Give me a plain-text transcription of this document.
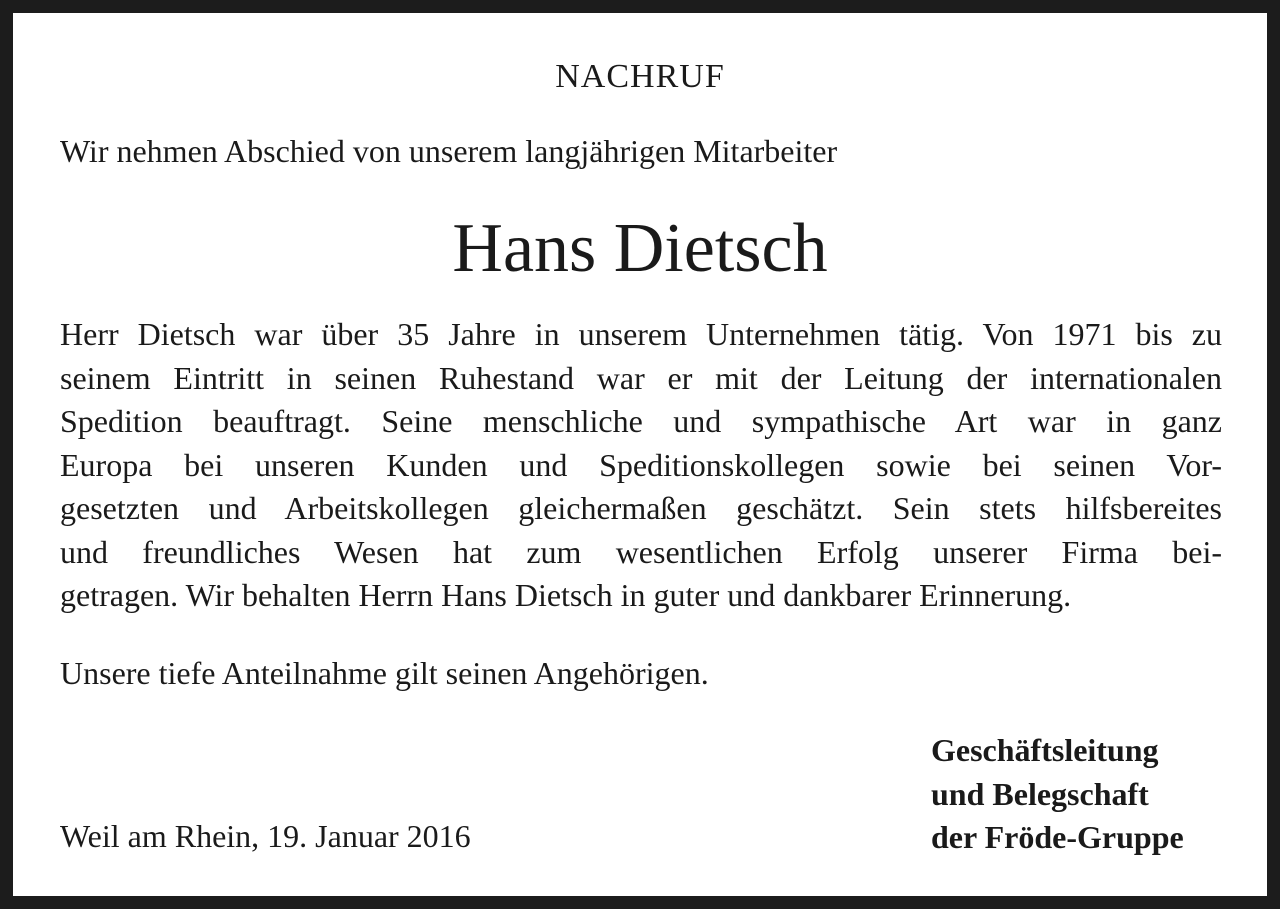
NACHRUF
Wir nehmen Abschied von unserem langjährigen Mitarbeiter
Hans Dietsch
Herr Dietsch war über 35 Jahre in unserem Unternehmen tätig. Von 1971 bis zu
seinem Eintritt in seinen Ruhestand war er mit der Leitung der internationalen
Spedition beauftragt. Seine menschliche und sympathische Art war in ganz
Europa bei unseren Kunden und Speditionskollegen sowie bei seinen Vor-
gesetzten und Arbeitskollegen gleichermaßen geschätzt. Sein stets hilfsbereites
und freundliches Wesen hat zum wesentlichen Erfolg unserer Firma bei-
getragen. Wir behalten Herrn Hans Dietsch in guter und dankbarer Erinnerung.
Unsere tiefe Anteilnahme gilt seinen Angehörigen.
Weil am Rhein, 19. Januar 2016
Geschäftsleitung
und Belegschaft
der Fröde-Gruppe
